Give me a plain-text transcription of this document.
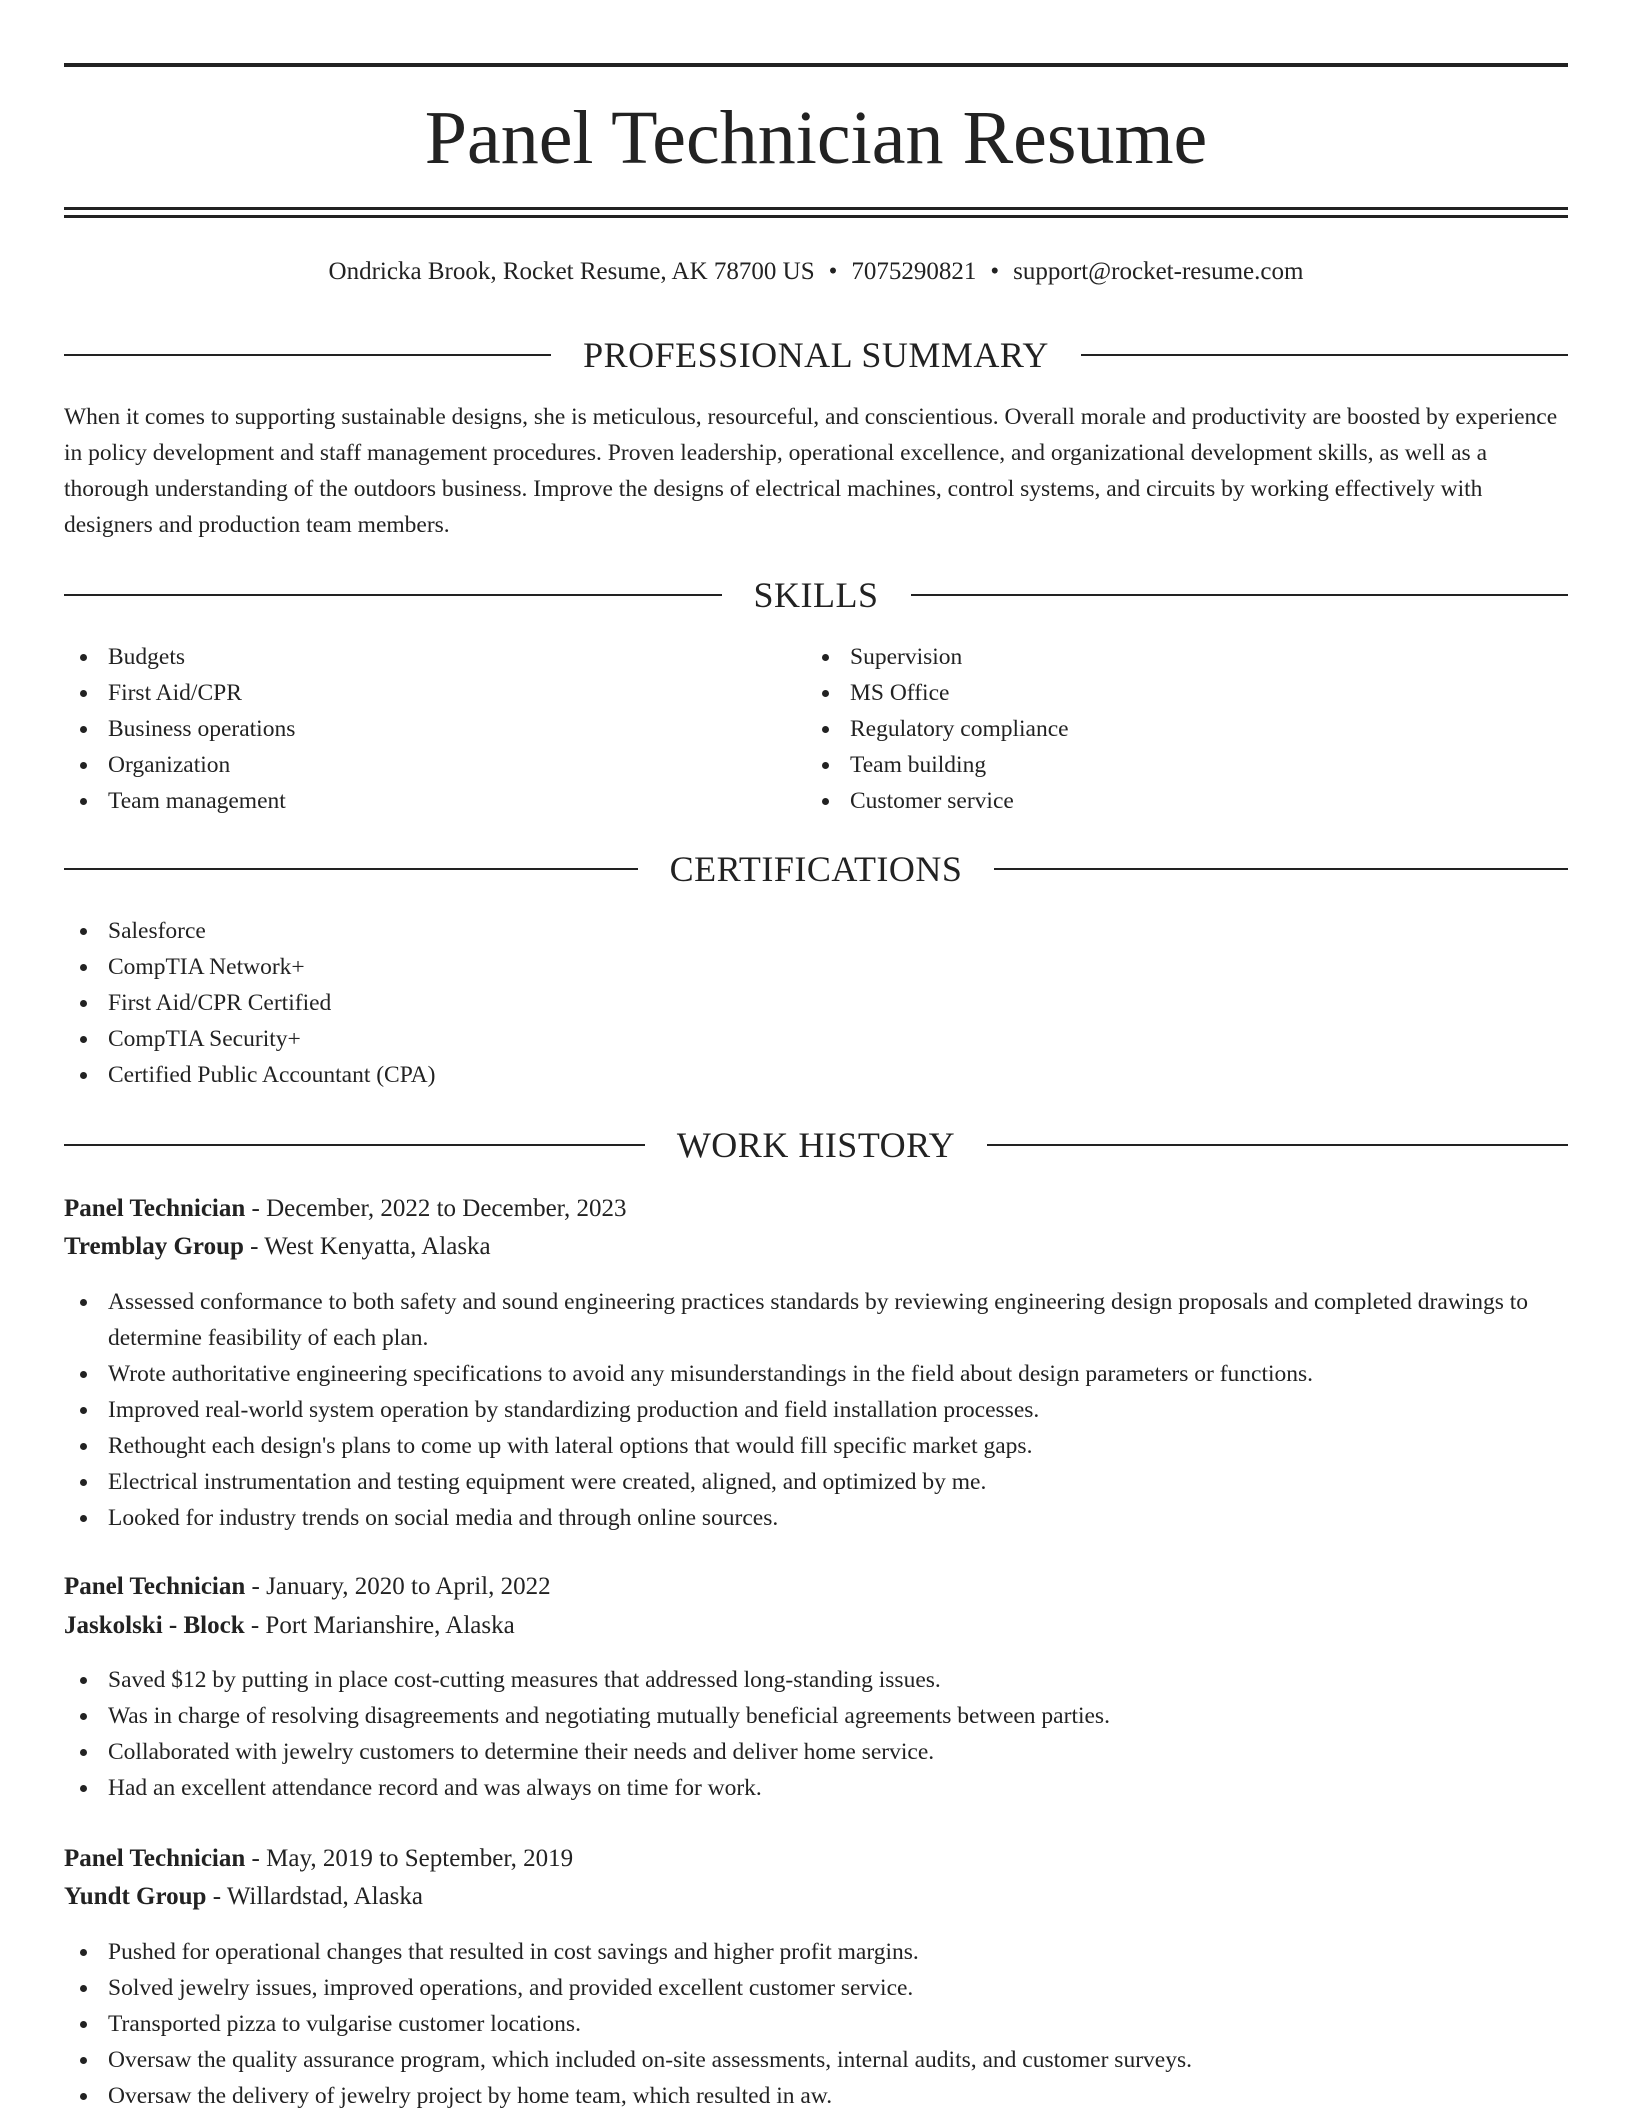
Panel Technician Resume
Ondricka Brook, Rocket Resume, AK 78700 US • 7075290821 • support@rocket-resume.com
PROFESSIONAL SUMMARY

When it comes to supporting sustainable designs, she is meticulous, resourceful, and conscientious. Overall morale and productivity are boosted by experience in policy development and staff management procedures. Proven leadership, operational excellence, and organizational development skills, as well as a thorough understanding of the outdoors business. Improve the designs of electrical machines, control systems, and circuits by working effectively with designers and production team members.

SKILLS
Budgets
First Aid/CPR
Business operations
Organization
Team management
Supervision
MS Office
Regulatory compliance
Team building
Customer service
CERTIFICATIONS
Salesforce
CompTIA Network+
First Aid/CPR Certified
CompTIA Security+
Certified Public Accountant (CPA)
WORK HISTORY
Panel Technician - December, 2022 to December, 2023
Tremblay Group - West Kenyatta, Alaska
Assessed conformance to both safety and sound engineering practices standards by reviewing engineering design proposals and completed drawings to determine feasibility of each plan.
Wrote authoritative engineering specifications to avoid any misunderstandings in the field about design parameters or functions.
Improved real-world system operation by standardizing production and field installation processes.
Rethought each design's plans to come up with lateral options that would fill specific market gaps.
Electrical instrumentation and testing equipment were created, aligned, and optimized by me.
Looked for industry trends on social media and through online sources.
Panel Technician - January, 2020 to April, 2022
Jaskolski - Block - Port Marianshire, Alaska
Saved $12 by putting in place cost-cutting measures that addressed long-standing issues.
Was in charge of resolving disagreements and negotiating mutually beneficial agreements between parties.
Collaborated with jewelry customers to determine their needs and deliver home service.
Had an excellent attendance record and was always on time for work.
Panel Technician - May, 2019 to September, 2019
Yundt Group - Willardstad, Alaska
Pushed for operational changes that resulted in cost savings and higher profit margins.
Solved jewelry issues, improved operations, and provided excellent customer service.
Transported pizza to vulgarise customer locations.
Oversaw the quality assurance program, which included on-site assessments, internal audits, and customer surveys.
Oversaw the delivery of jewelry project by home team, which resulted in aw.
